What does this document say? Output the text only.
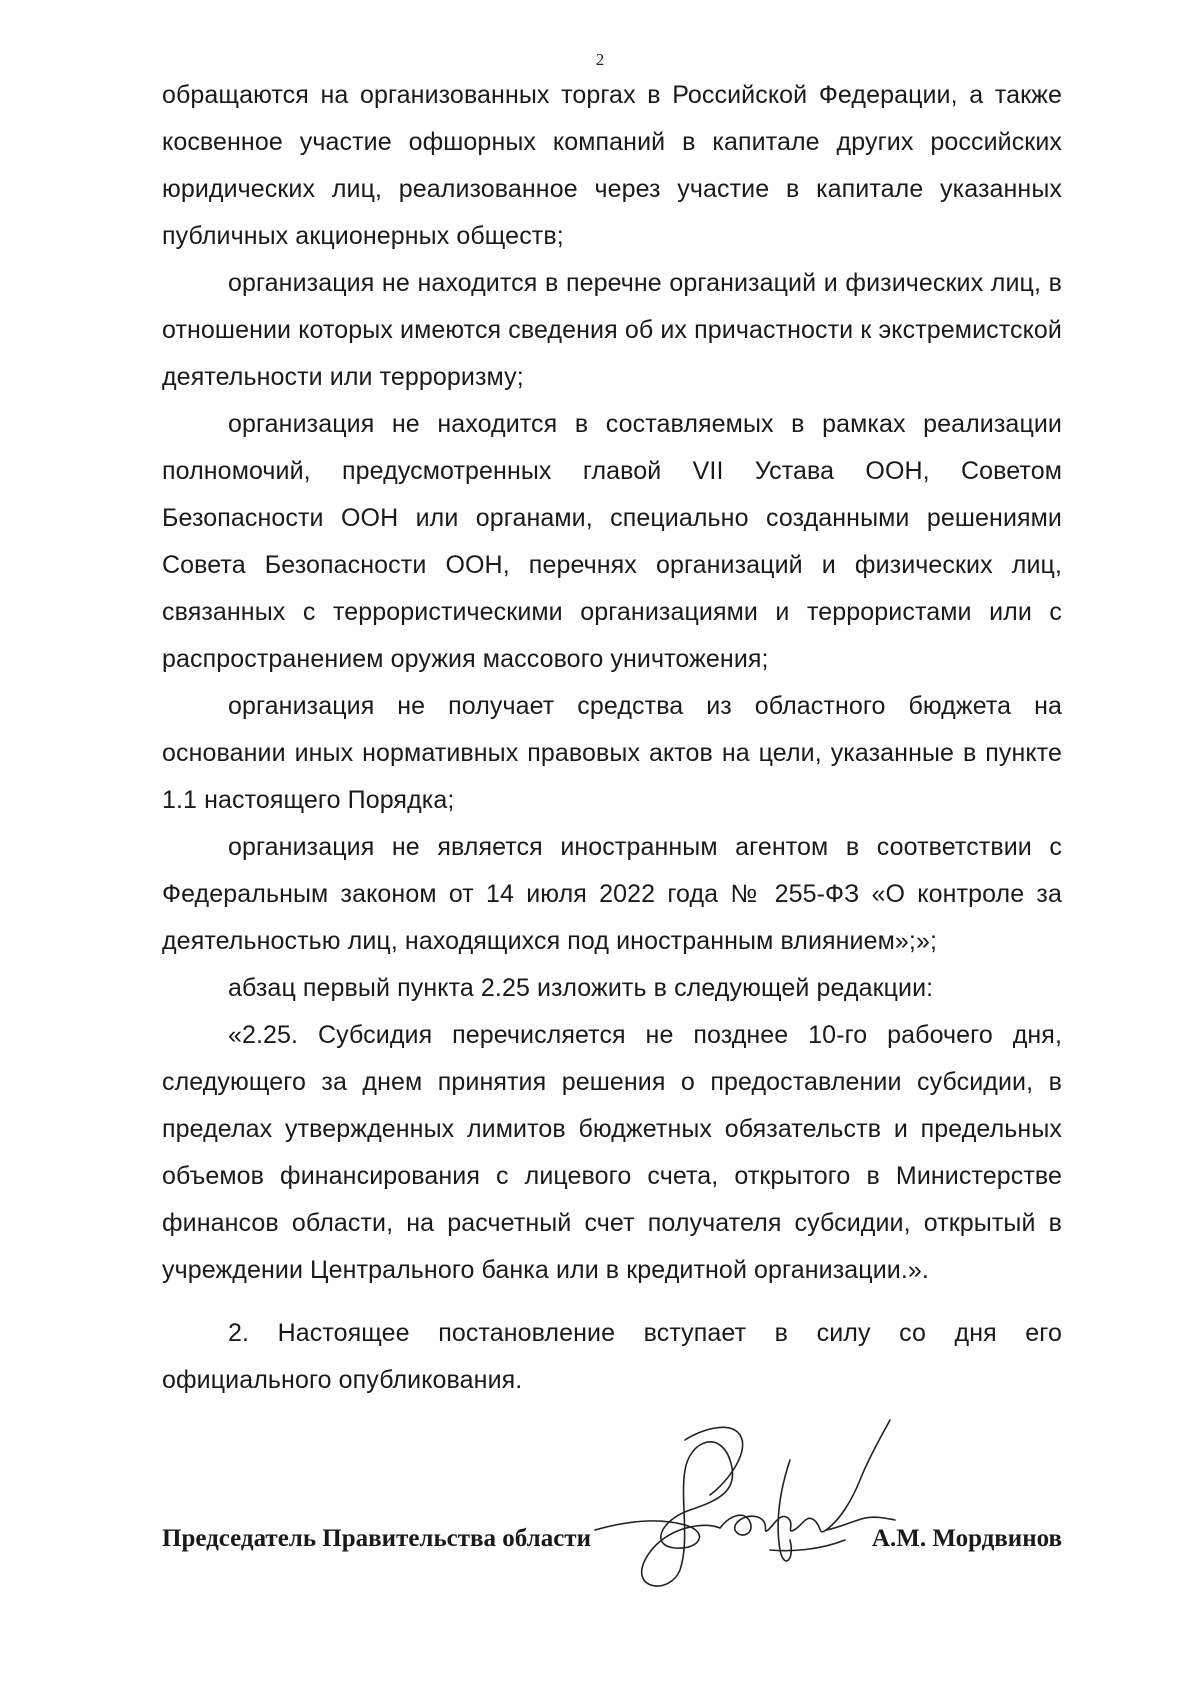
2

обращаются на организованных торгах в Российской Федерации, а также косвенное участие офшорных компаний в капитале других российских юридических лиц, реализованное через участие в капитале указанных публичных акционерных обществ;

организация не находится в перечне организаций и физических лиц, в отношении которых имеются сведения об их причастности к экстремистской деятельности или терроризму;

организация не находится в составляемых в рамках реализации полномочий, предусмотренных главой VII Устава ООН, Советом Безопасности ООН или органами, специально созданными решениями Совета Безопасности ООН, перечнях организаций и физических лиц, связанных с террористическими организациями и террористами или с распространением оружия массового уничтожения;

организация не получает средства из областного бюджета на основании иных нормативных правовых актов на цели, указанные в пункте 1.1 настоящего Порядка;

организация не является иностранным агентом в соответствии с Федеральным законом от 14 июля 2022 года № 255-ФЗ «О контроле за деятельностью лиц, находящихся под иностранным влиянием»;»;

абзац первый пункта 2.25 изложить в следующей редакции:

«2.25. Субсидия перечисляется не позднее 10-го рабочего дня, следующего за днем принятия решения о предоставлении субсидии, в пределах утвержденных лимитов бюджетных обязательств и предельных объемов финансирования с лицевого счета, открытого в Министерстве финансов области, на расчетный счет получателя субсидии, открытый в учреждении Центрального банка или в кредитной организации.».

2. Настоящее постановление вступает в силу со дня его официального опубликования.

Председатель Правительства области	А.М. Мордвинов
